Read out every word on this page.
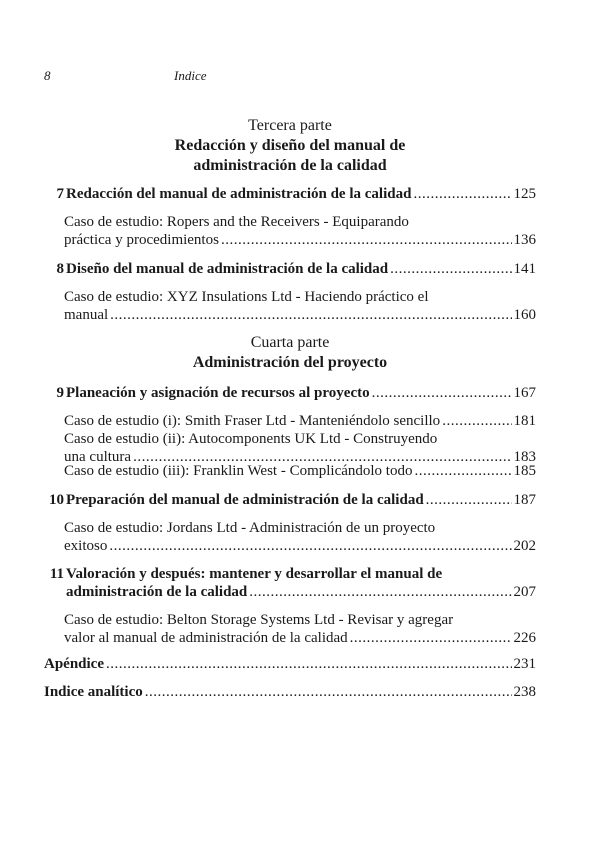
8	Indice
Tercera parte
Redacción y diseño del manual de
administración de la calidad
7 Redacción del manual de administración de la calidad .....	125
Caso de estudio: Ropers and the Receivers - Equiparando
práctica y procedimientos .....	136
8 Diseño del manual de administración de la calidad .....	141
Caso de estudio: XYZ Insulations Ltd - Haciendo práctico el
manual .....	160
Cuarta parte
Administración del proyecto
9 Planeación y asignación de recursos al proyecto .....	167
Caso de estudio (i): Smith Fraser Ltd - Manteniéndolo sencillo .....	181
Caso de estudio (ii): Autocomponents UK Ltd - Construyendo
una cultura .....	183
Caso de estudio (iii): Franklin West - Complicándolo todo .....	185
10 Preparación del manual de administración de la calidad .....	187
Caso de estudio: Jordans Ltd - Administración de un proyecto
exitoso .....	202
11 Valoración y después: mantener y desarrollar el manual de
administración de la calidad .....	207
Caso de estudio: Belton Storage Systems Ltd - Revisar y agregar
valor al manual de administración de la calidad .....	226
Apéndice .....	231
Indice analítico .....	238
